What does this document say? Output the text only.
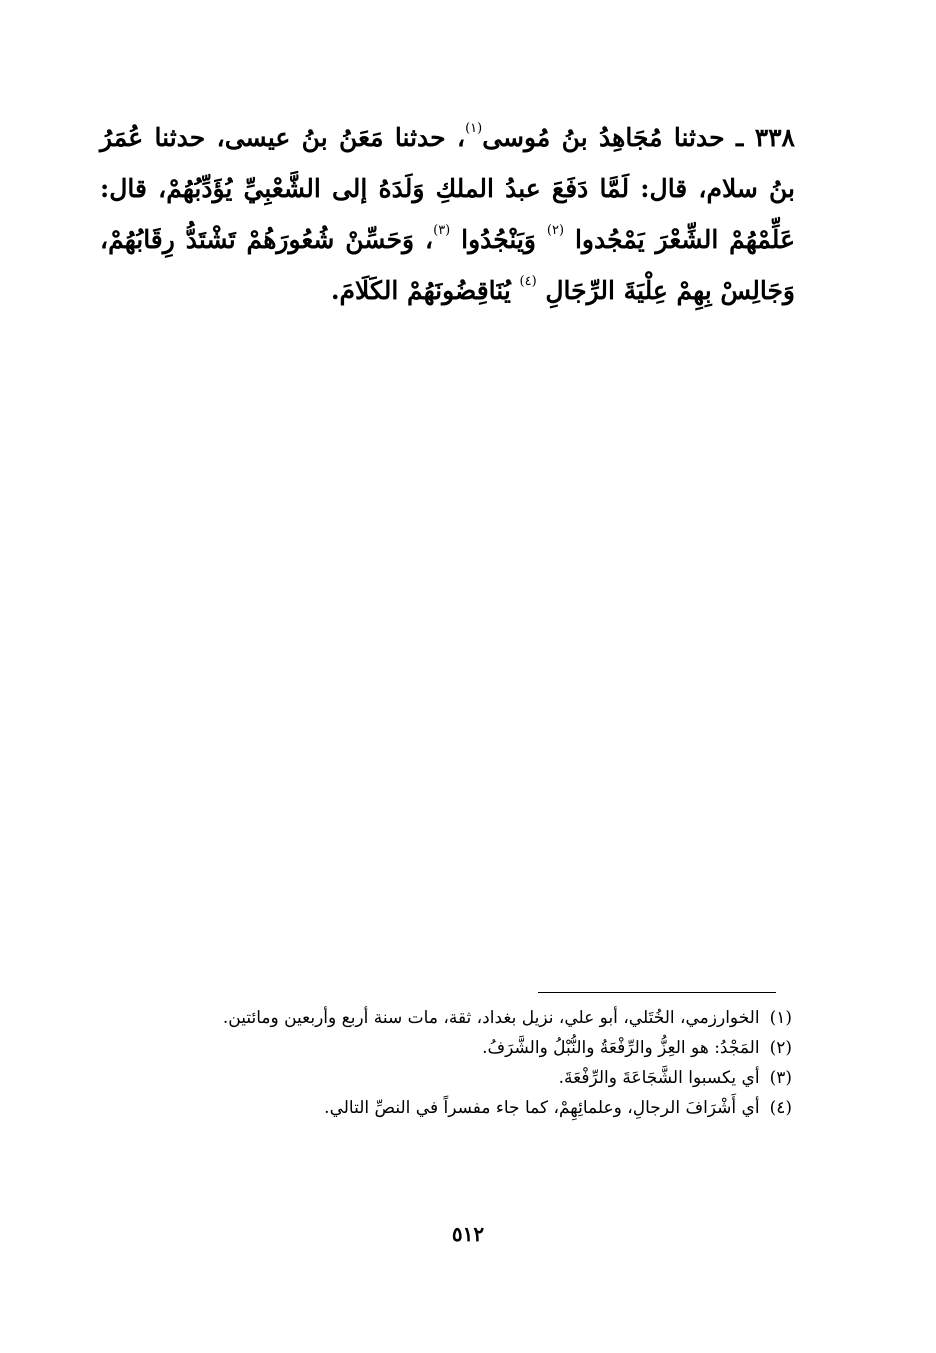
٣٣٨ ـ حدثنا مُجَاهِدُ بنُ مُوسى$^{(١)}$، حدثنا مَعَنُ بنُ عيسى، حدثنا عُمَرُ بنُ سلام، قال: لَمَّا دَفَعَ عبدُ الملكِ وَلَدَهُ إلى الشَّعْبِيِّ يُؤَدِّبُهُمْ، قال: عَلِّمْهُمْ الشِّعْرَ يَمْجُدوا $^{(٢)}$ وَيَنْجُدُوا $^{(٣)}$، وَحَسِّنْ شُعُورَهُمْ تَشْتَدُّ رِقَابُهُمْ، وَجَالِسْ بِهِمْ عِلْيَةَ الرِّجَالِ $^{(٤)}$ يُنَاقِضُونَهُمْ الكَلَامَ.

(١)
الخوارزمي، الخُتَلي، أبو علي، نزيل بغداد، ثقة، مات سنة أربع وأربعين ومائتين.
(٢)
المَجْدُ: هو العِزُّ والرِّفْعَةُ والنُّبْلُ والشَّرَفُ.
(٣)
أي يكسبوا الشَّجَاعَةَ والرِّفْعَةَ.
(٤)
أي أَشْرَافَ الرجالِ، وعلمائِهِمْ، كما جاء مفسراً في النصِّ التالي.
٥١٢
